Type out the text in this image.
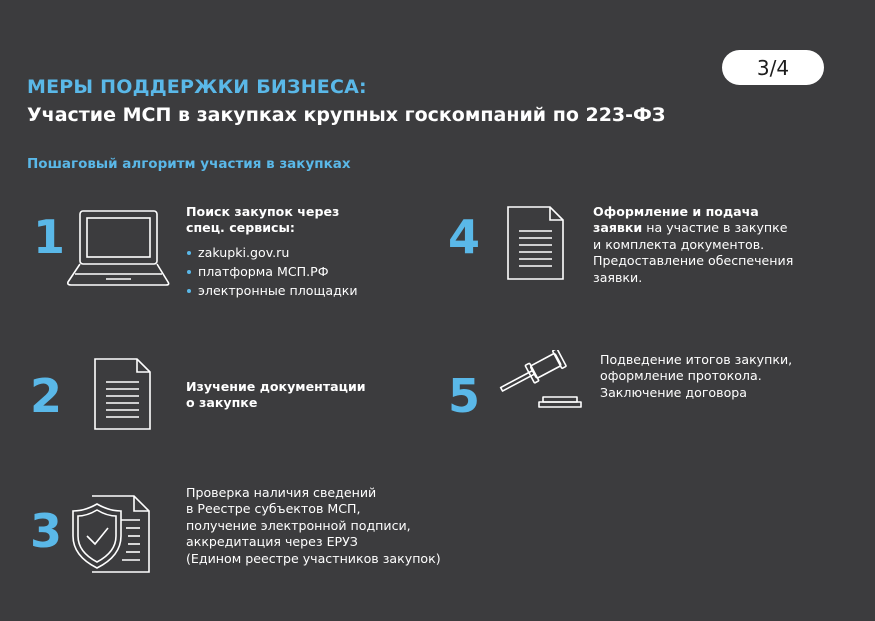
3/4
МЕРЫ ПОДДЕРЖКИ БИЗНЕСА:
Участие МСП в закупках крупных госкомпаний по 223-ФЗ
Пошаговый алгоритм участия в закупках
1	Поиск закупок через
спец. сервисы:
zakupki.gov.ru
платформа МСП.РФ
электронные площадки
2	Изучение документации
о закупке
3
Проверка наличия сведений
в Реестре субъектов МСП,
получение электронной подписи,
аккредитация через ЕРУЗ
(Едином реестре участников закупок)
4	Оформление и подача
заявки на участие в закупке
и комплекта документов.
Предоставление обеспечения
заявки.
5
Подведение итогов закупки,
оформление протокола.
Заключение договора
